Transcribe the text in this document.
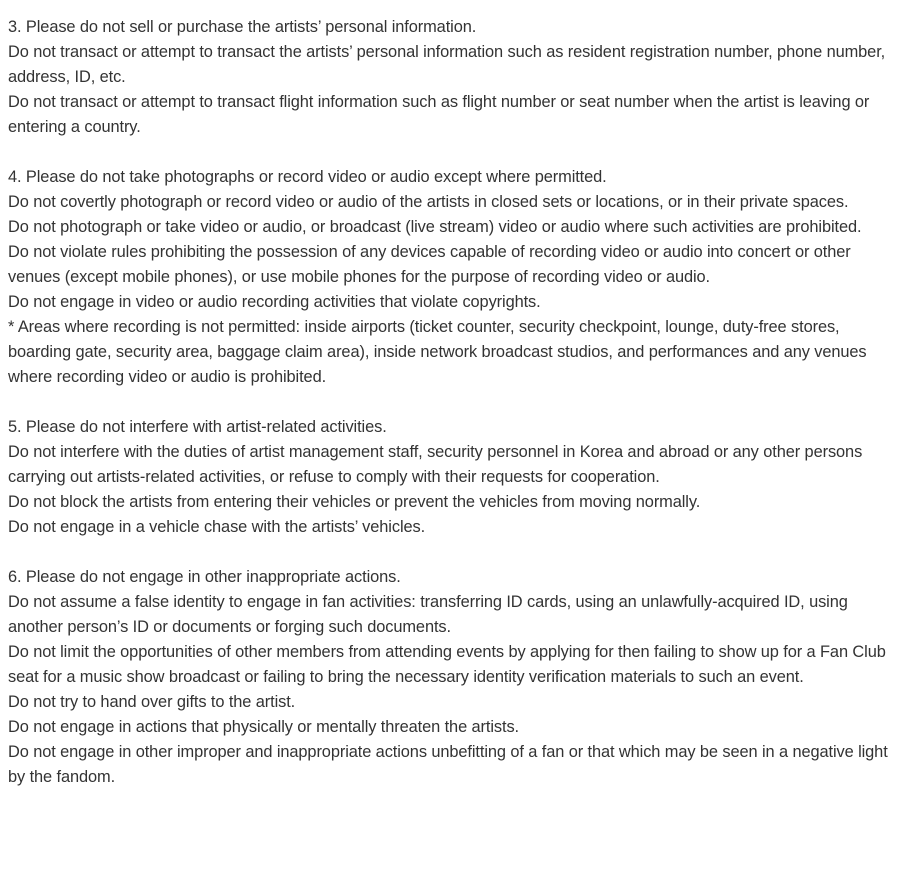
3. Please do not sell or purchase the artists’ personal information.

Do not transact or attempt to transact the artists’ personal information such as resident registration number, phone number, address, ID, etc.

Do not transact or attempt to transact flight information such as flight number or seat number when the artist is leaving or entering a country.

4. Please do not take photographs or record video or audio except where permitted.

Do not covertly photograph or record video or audio of the artists in closed sets or locations, or in their private spaces.

Do not photograph or take video or audio, or broadcast (live stream) video or audio where such activities are prohibited.

Do not violate rules prohibiting the possession of any devices capable of recording video or audio into concert or other venues (except mobile phones), or use mobile phones for the purpose of recording video or audio.

Do not engage in video or audio recording activities that violate copyrights.

* Areas where recording is not permitted: inside airports (ticket counter, security checkpoint, lounge, duty-free stores, boarding gate, security area, baggage claim area), inside network broadcast studios, and performances and any venues where recording video or audio is prohibited.

5. Please do not interfere with artist-related activities.

Do not interfere with the duties of artist management staff, security personnel in Korea and abroad or any other persons carrying out artists-related activities, or refuse to comply with their requests for cooperation.

Do not block the artists from entering their vehicles or prevent the vehicles from moving normally.

Do not engage in a vehicle chase with the artists’ vehicles.

6. Please do not engage in other inappropriate actions.

Do not assume a false identity to engage in fan activities: transferring ID cards, using an unlawfully-acquired ID, using another person’s ID or documents or forging such documents.

Do not limit the opportunities of other members from attending events by applying for then failing to show up for a Fan Club seat for a music show broadcast or failing to bring the necessary identity verification materials to such an event.

Do not try to hand over gifts to the artist.

Do not engage in actions that physically or mentally threaten the artists.

Do not engage in other improper and inappropriate actions unbefitting of a fan or that which may be seen in a negative light by the fandom.
